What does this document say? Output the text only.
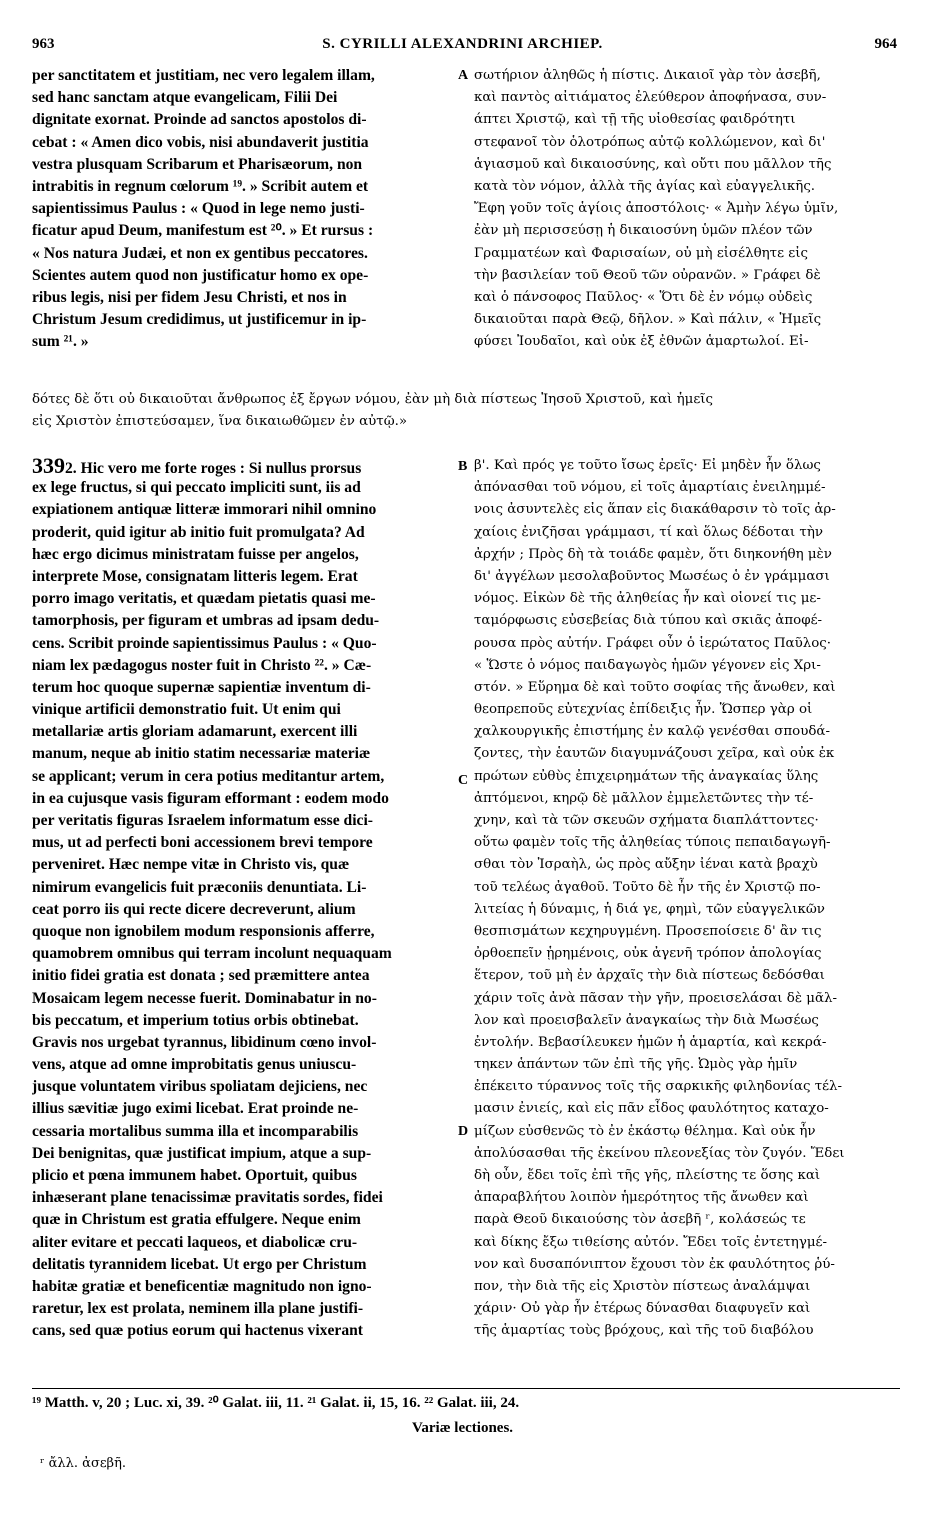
963	S. CYRILLI ALEXANDRINI ARCHIEP.	964
A
B
C
D
per sanctitatem et justitiam, nec vero legalem illam,
sed hanc sanctam atque evangelicam, Filii Dei
dignitate exornat. Proinde ad sanctos apostolos di-
cebat : « Amen dico vobis, nisi abundaverit justitia
vestra plusquam Scribarum et Pharisæorum, non
intrabitis in regnum cœlorum ¹⁹. » Scribit autem et
sapientissimus Paulus : « Quod in lege nemo justi-
ficatur apud Deum, manifestum est ²⁰. » Et rursus :
« Nos natura Judæi, et non ex gentibus peccatores.
Scientes autem quod non justificatur homo ex ope-
ribus legis, nisi per fidem Jesu Christi, et nos in
Christum Jesum credidimus, ut justificemur in ip-
sum ²¹. »
σωτήριον ἀληθῶς ἡ πίστις. Δικαιοῖ γὰρ τὸν ἀσεβῆ,
καὶ παντὸς αἰτιάματος ἐλεύθερον ἀποφήνασα, συν-
άπτει Χριστῷ, καὶ τῇ τῆς υἱοθεσίας φαιδρότητι
στεφανοῖ τὸν ὁλοτρόπως αὐτῷ κολλώμενον, καὶ δι'
ἁγιασμοῦ καὶ δικαιοσύνης, καὶ οὔτι που μᾶλλον τῆς
κατὰ τὸν νόμον, ἀλλὰ τῆς ἁγίας καὶ εὐαγγελικῆς.
Ἔφη γοῦν τοῖς ἁγίοις ἀποστόλοις· « Ἀμὴν λέγω ὑμῖν,
ἐὰν μὴ περισσεύσῃ ἡ δικαιοσύνη ὑμῶν πλέον τῶν
Γραμματέων καὶ Φαρισαίων, οὐ μὴ εἰσέλθητε εἰς
τὴν βασιλείαν τοῦ Θεοῦ τῶν οὐρανῶν. » Γράφει δὲ
καὶ ὁ πάνσοφος Παῦλος· « Ὅτι δὲ ἐν νόμῳ οὐδεὶς
δικαιοῦται παρὰ Θεῷ, δῆλον. » Καὶ πάλιν, « Ἡμεῖς
φύσει Ἰουδαῖοι, καὶ οὐκ ἐξ ἐθνῶν ἁμαρτωλοί. Εἰ-
δότες δὲ ὅτι οὐ δικαιοῦται ἄνθρωπος ἐξ ἔργων νόμου, ἐὰν μὴ διὰ πίστεως Ἰησοῦ Χριστοῦ, καὶ ἡμεῖς
εἰς Χριστὸν ἐπιστεύσαμεν, ἵνα δικαιωθῶμεν ἐν αὐτῷ.»
3392. Hic vero me forte roges : Si nullus prorsus
ex lege fructus, si qui peccato impliciti sunt, iis ad
expiationem antiquæ litteræ immorari nihil omnino
proderit, quid igitur ab initio fuit promulgata? Ad
hæc ergo dicimus ministratam fuisse per angelos,
interprete Mose, consignatam litteris legem. Erat
porro imago veritatis, et quædam pietatis quasi me-
tamorphosis, per figuram et umbras ad ipsam dedu-
cens. Scribit proinde sapientissimus Paulus : « Quo-
niam lex pædagogus noster fuit in Christo ²². » Cæ-
terum hoc quoque supernæ sapientiæ inventum di-
vinique artificii demonstratio fuit. Ut enim qui
metallariæ artis gloriam adamarunt, exercent illi
manum, neque ab initio statim necessariæ materiæ
se applicant; verum in cera potius meditantur artem,
in ea cujusque vasis figuram efformant : eodem modo
per veritatis figuras Israelem informatum esse dici-
mus, ut ad perfecti boni accessionem brevi tempore
perveniret. Hæc nempe vitæ in Christo vis, quæ
nimirum evangelicis fuit præconiis denuntiata. Li-
ceat porro iis qui recte dicere decreverunt, alium
quoque non ignobilem modum responsionis afferre,
quamobrem omnibus qui terram incolunt nequaquam
initio fidei gratia est donata ; sed præmittere antea
Mosaicam legem necesse fuerit. Dominabatur in no-
bis peccatum, et imperium totius orbis obtinebat.
Gravis nos urgebat tyrannus, libidinum cœno invol-
vens, atque ad omne improbitatis genus uniuscu-
jusque voluntatem viribus spoliatam dejiciens, nec
illius sævitiæ jugo eximi licebat. Erat proinde ne-
cessaria mortalibus summa illa et incomparabilis
Dei benignitas, quæ justificat impium, atque a sup-
plicio et pœna immunem habet. Oportuit, quibus
inhæserant plane tenacissimæ pravitatis sordes, fidei
quæ in Christum est gratia effulgere. Neque enim
aliter evitare et peccati laqueos, et diabolicæ cru-
delitatis tyrannidem licebat. Ut ergo per Christum
habitæ gratiæ et beneficentiæ magnitudo non igno-
raretur, lex est prolata, neminem illa plane justifi-
cans, sed quæ potius eorum qui hactenus vixerant
β'. Καὶ πρός γε τοῦτο ἴσως ἐρεῖς· Εἰ μηδὲν ἦν ὅλως
ἀπόνασθαι τοῦ νόμου, εἰ τοῖς ἁμαρτίαις ἐνειλημμέ-
νοις ἀσυντελὲς εἰς ἅπαν εἰς διακάθαρσιν τὸ τοῖς ἀρ-
χαίοις ἐνιζῆσαι γράμμασι, τί καὶ ὅλως δέδοται τὴν
ἀρχήν ; Πρὸς δὴ τὰ τοιάδε φαμὲν, ὅτι διηκονήθη μὲν
δι' ἀγγέλων μεσολαβοῦντος Μωσέως ὁ ἐν γράμμασι
νόμος. Εἰκὼν δὲ τῆς ἀληθείας ἦν καὶ οἱονεί τις με-
ταμόρφωσις εὐσεβείας διὰ τύπου καὶ σκιᾶς ἀποφέ-
ρουσα πρὸς αὐτήν. Γράφει οὖν ὁ ἱερώτατος Παῦλος·
« Ὥστε ὁ νόμος παιδαγωγὸς ἡμῶν γέγονεν εἰς Χρι-
στόν. » Εὕρημα δὲ καὶ τοῦτο σοφίας τῆς ἄνωθεν, καὶ
θεοπρεποῦς εὐτεχνίας ἐπίδειξις ἦν. Ὥσπερ γὰρ οἱ
χαλκουργικῆς ἐπιστήμης ἐν καλῷ γενέσθαι σπουδά-
ζοντες, τὴν ἑαυτῶν διαγυμνάζουσι χεῖρα, καὶ οὐκ ἐκ
πρώτων εὐθὺς ἐπιχειρημάτων τῆς ἀναγκαίας ὕλης
ἀπτόμενοι, κηρῷ δὲ μᾶλλον ἐμμελετῶντες τὴν τέ-
χνην, καὶ τὰ τῶν σκευῶν σχήματα διαπλάττοντες·
οὕτω φαμὲν τοῖς τῆς ἀληθείας τύποις πεπαιδαγωγῆ-
σθαι τὸν Ἰσραὴλ, ὡς πρὸς αὔξην ἰέναι κατὰ βραχὺ
τοῦ τελέως ἀγαθοῦ. Τοῦτο δὲ ἦν τῆς ἐν Χριστῷ πο-
λιτείας ἡ δύναμις, ἡ διά γε, φημὶ, τῶν εὐαγγελικῶν
θεσπισμάτων κεχηρυγμένη. Προσεποίσειε δ' ἂν τις
ὀρθοεπεῖν ᾑρημένοις, οὐκ ἀγενῆ τρόπον ἀπολογίας
ἕτερον, τοῦ μὴ ἐν ἀρχαῖς τὴν διὰ πίστεως δεδόσθαι
χάριν τοῖς ἀνὰ πᾶσαν τὴν γῆν, προεισελάσαι δὲ μᾶλ-
λον καὶ προεισβαλεῖν ἀναγκαίως τὴν διὰ Μωσέως
ἐντολήν. Βεβασίλευκεν ἡμῶν ἡ ἁμαρτία, καὶ κεκρά-
τηκεν ἁπάντων τῶν ἐπὶ τῆς γῆς. Ὠμὸς γὰρ ἡμῖν
ἐπέκειτο τύραννος τοῖς τῆς σαρκικῆς φιληδονίας τέλ-
μασιν ἐνιείς, καὶ εἰς πᾶν εἶδος φαυλότητος καταχο-
μίζων εὐσθενῶς τὸ ἐν ἑκάστῳ θέλημα. Καὶ οὐκ ἦν
ἀπολύσασθαι τῆς ἐκείνου πλεονεξίας τὸν ζυγόν. Ἔδει
δὴ οὖν, ἔδει τοῖς ἐπὶ τῆς γῆς, πλείστης τε ὅσης καὶ
ἀπαραβλήτου λοιπὸν ἡμερότητος τῆς ἄνωθεν καὶ
παρὰ Θεοῦ δικαιούσης τὸν ἀσεβῆ ʳ, κολάσεώς τε
καὶ δίκης ἔξω τιθείσης αὐτόν. Ἔδει τοῖς ἐντετηγμέ-
νον καὶ δυσαπόνιπτον ἔχουσι τὸν ἐκ φαυλότητος ῥύ-
πον, τὴν διὰ τῆς εἰς Χριστὸν πίστεως ἀναλάμψαι
χάριν· Οὐ γὰρ ἦν ἑτέρως δύνασθαι διαφυγεῖν καὶ
τῆς ἁμαρτίας τοὺς βρόχους, καὶ τῆς τοῦ διαβόλου
¹⁹ Matth. v, 20 ; Luc. xi, 39. ²⁰ Galat. iii, 11. ²¹ Galat. ii, 15, 16. ²² Galat. iii, 24.
Variæ lectiones.
ʳ ἄλλ. ἀσεβῆ.
